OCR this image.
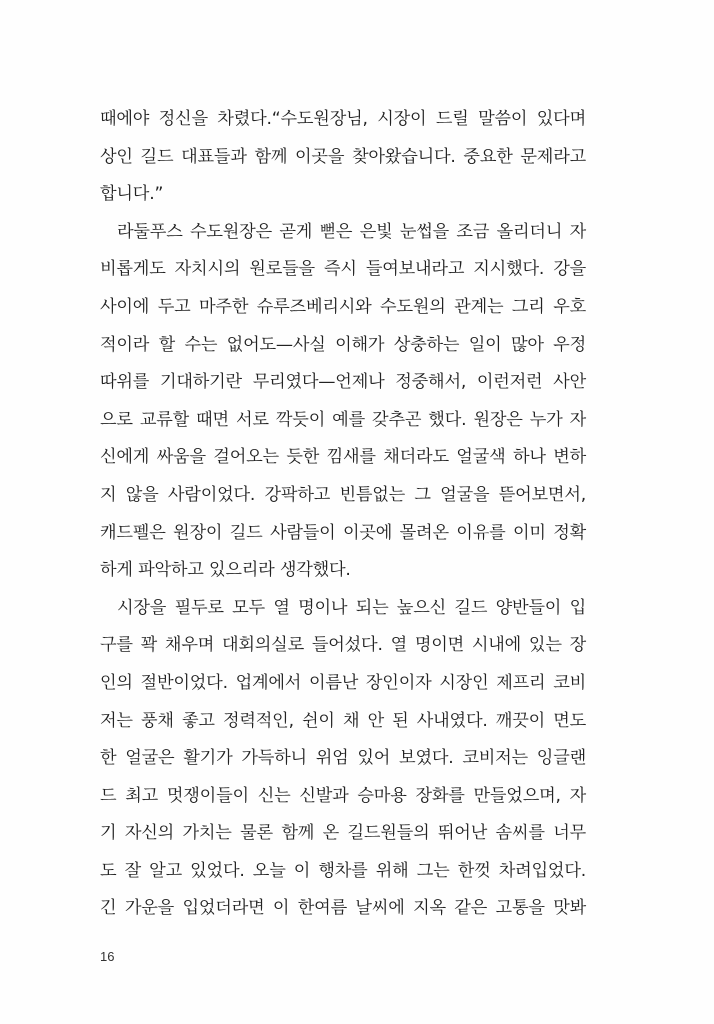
때에야 정신을 차렸다.“수도원장님, 시장이 드릴 말씀이 있다며
상인 길드 대표들과 함께 이곳을 찾아왔습니다. 중요한 문제라고
합니다.”
라둘푸스 수도원장은 곧게 뻗은 은빛 눈썹을 조금 올리더니 자
비롭게도 자치시의 원로들을 즉시 들여보내라고 지시했다. 강을
사이에 두고 마주한 슈루즈베리시와 수도원의 관계는 그리 우호
적이라 할 수는 없어도—사실 이해가 상충하는 일이 많아 우정
따위를 기대하기란 무리였다—언제나 정중해서, 이런저런 사안
으로 교류할 때면 서로 깍듯이 예를 갖추곤 했다. 원장은 누가 자
신에게 싸움을 걸어오는 듯한 낌새를 채더라도 얼굴색 하나 변하
지 않을 사람이었다. 강팍하고 빈틈없는 그 얼굴을 뜯어보면서,
캐드펠은 원장이 길드 사람들이 이곳에 몰려온 이유를 이미 정확
하게 파악하고 있으리라 생각했다.
시장을 필두로 모두 열 명이나 되는 높으신 길드 양반들이 입
구를 꽉 채우며 대회의실로 들어섰다. 열 명이면 시내에 있는 장
인의 절반이었다. 업계에서 이름난 장인이자 시장인 제프리 코비
저는 풍채 좋고 정력적인, 쉰이 채 안 된 사내였다. 깨끗이 면도
한 얼굴은 활기가 가득하니 위엄 있어 보였다. 코비저는 잉글랜
드 최고 멋쟁이들이 신는 신발과 승마용 장화를 만들었으며, 자
기 자신의 가치는 물론 함께 온 길드원들의 뛰어난 솜씨를 너무
도 잘 알고 있었다. 오늘 이 행차를 위해 그는 한껏 차려입었다.
긴 가운을 입었더라면 이 한여름 날씨에 지옥 같은 고통을 맛봐
16
